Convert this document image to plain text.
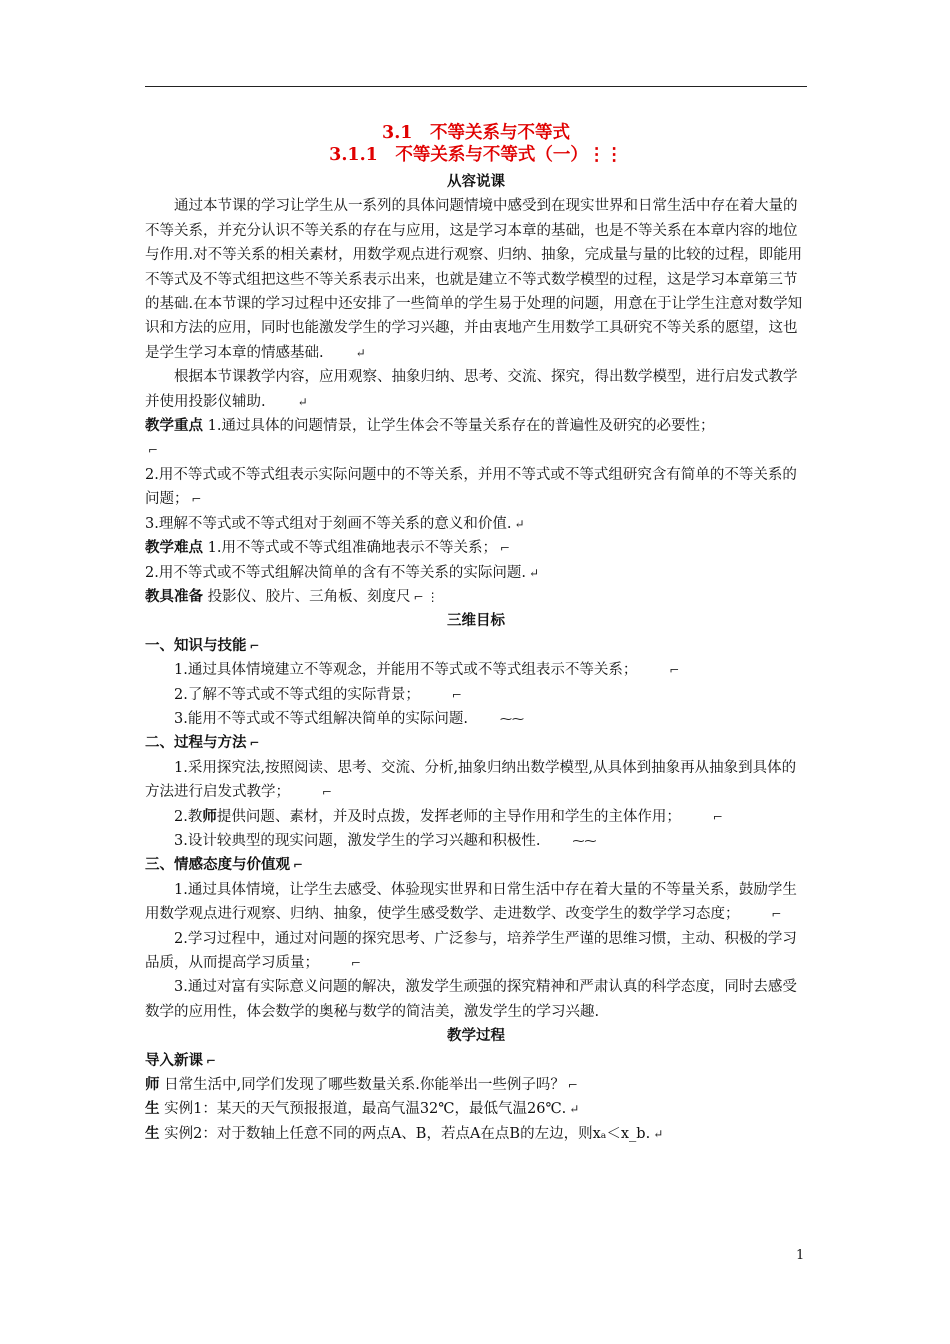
3.1　不等关系与不等式

3.1.1　不等关系与不等式（一）⋮⋮

从容说课

通过本节课的学习让学生从一系列的具体问题情境中感受到在现实世界和日常生活中存在着大量的不等关系，并充分认识不等关系的存在与应用，这是学习本章的基础，也是不等关系在本章内容的地位与作用.对不等关系的相关素材，用数学观点进行观察、归纳、抽象，完成量与量的比较的过程，即能用不等式及不等式组把这些不等关系表示出来，也就是建立不等式数学模型的过程，这是学习本章第三节的基础.在本节课的学习过程中还安排了一些简单的学生易于处理的问题，用意在于让学生注意对数学知识和方法的应用，同时也能激发学生的学习兴趣，并由衷地产生用数学工具研究不等关系的愿望，这也是学生学习本章的情感基础.	↵

根据本节课教学内容，应用观察、抽象归纳、思考、交流、探究，得出数学模型，进行启发式教学并使用投影仪辅助.	↵

教学重点 1.通过具体的问题情景，让学生体会不等量关系存在的普遍性及研究的必要性；
⌐

2.用不等式或不等式组表示实际问题中的不等关系，并用不等式或不等式组研究含有简单的不等关系的问题； ⌐

3.理解不等式或不等式组对于刻画不等关系的意义和价值. ↵

教学难点 1.用不等式或不等式组准确地表示不等关系； ⌐

2.用不等式或不等式组解决简单的含有不等关系的实际问题. ↵

教具准备 投影仪、胶片、三角板、刻度尺 ⌐ ⋮

三维目标

一、知识与技能 ⌐

1.通过具体情境建立不等观念，并能用不等式或不等式组表示不等关系；	⌐

2.了解不等式或不等式组的实际背景；	⌐

3.能用不等式或不等式组解决简单的实际问题.	⁓⁓

二、过程与方法 ⌐

1.采用探究法,按照阅读、思考、交流、分析,抽象归纳出数学模型,从具体到抽象再从抽象到具体的方法进行启发式教学；	⌐

2.教师提供问题、素材，并及时点拨，发挥老师的主导作用和学生的主体作用；	⌐

3.设计较典型的现实问题，激发学生的学习兴趣和积极性.	⁓⁓

三、情感态度与价值观 ⌐

1.通过具体情境，让学生去感受、体验现实世界和日常生活中存在着大量的不等量关系，鼓励学生用数学观点进行观察、归纳、抽象，使学生感受数学、走进数学、改变学生的数学学习态度；	⌐

2.学习过程中，通过对问题的探究思考、广泛参与，培养学生严谨的思维习惯，主动、积极的学习品质，从而提高学习质量；	⌐

3.通过对富有实际意义问题的解决，激发学生顽强的探究精神和严肃认真的科学态度，同时去感受数学的应用性，体会数学的奥秘与数学的简洁美，激发学生的学习兴趣.

教学过程

导入新课 ⌐

师 日常生活中,同学们发现了哪些数量关系.你能举出一些例子吗？ ⌐

生 实例1：某天的天气预报报道，最高气温32℃，最低气温26℃. ↵

生 实例2：对于数轴上任意不同的两点A、B，若点A在点B的左边，则xₐ＜x_b. ↵

1
